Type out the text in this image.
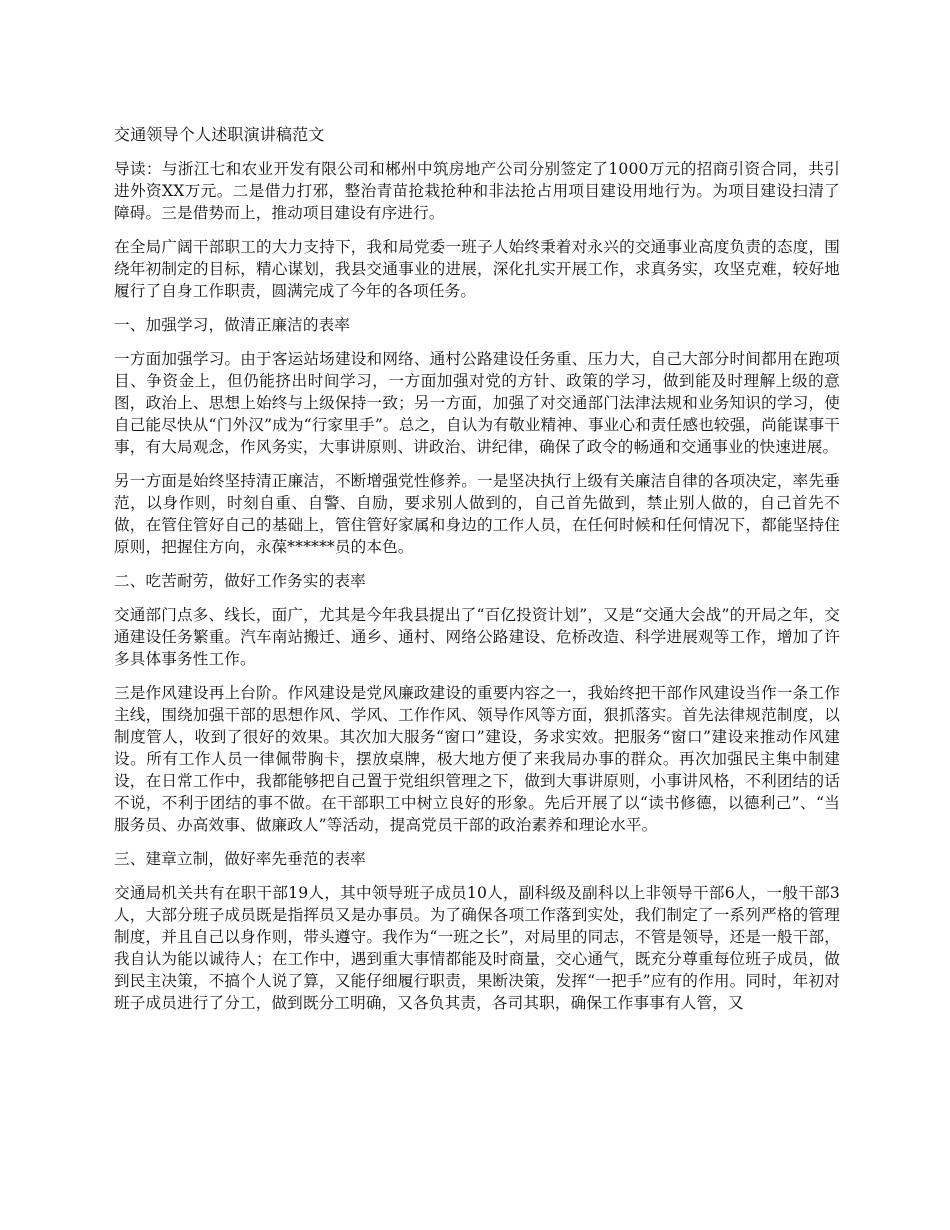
交通领导个人述职演讲稿范文
导读：与浙江七和农业开发有限公司和郴州中筑房地产公司分别签定了1000万元的招商引资合同，共引进外资XX万元。二是借力打邪，整治青苗抢栽抢种和非法抢占用项目建设用地行为。为项目建设扫清了障碍。三是借势而上，推动项目建设有序进行。
在全局广阔干部职工的大力支持下，我和局党委一班子人始终秉着对永兴的交通事业高度负责的态度，围绕年初制定的目标，精心谋划，我县交通事业的进展，深化扎实开展工作，求真务实，攻坚克难，较好地履行了自身工作职责，圆满完成了今年的各项任务。
一、加强学习，做清正廉洁的表率
一方面加强学习。由于客运站场建设和网络、通村公路建设任务重、压力大，自己大部分时间都用在跑项目、争资金上，但仍能挤出时间学习，一方面加强对党的方针、政策的学习，做到能及时理解上级的意图，政治上、思想上始终与上级保持一致；另一方面，加强了对交通部门法津法规和业务知识的学习，使自己能尽快从“门外汉”成为“行家里手”。总之，自认为有敬业精神、事业心和责任感也较强，尚能谋事干事，有大局观念，作风务实，大事讲原则、讲政治、讲纪律，确保了政令的畅通和交通事业的快速进展。
另一方面是始终坚持清正廉洁，不断增强党性修养。一是坚决执行上级有关廉洁自律的各项决定，率先垂范，以身作则，时刻自重、自警、自励，要求别人做到的，自己首先做到，禁止别人做的，自己首先不做，在管住管好自己的基础上，管住管好家属和身边的工作人员，在任何时候和任何情况下，都能坚持住原则，把握住方向，永葆******员的本色。
二、吃苦耐劳，做好工作务实的表率
交通部门点多、线长，面广，尤其是今年我县提出了“百亿投资计划”，又是“交通大会战”的开局之年，交通建设任务繁重。汽车南站搬迁、通乡、通村、网络公路建设、危桥改造、科学进展观等工作，增加了许多具体事务性工作。
三是作风建设再上台阶。作风建设是党风廉政建设的重要内容之一，我始终把干部作风建设当作一条工作主线，围绕加强干部的思想作风、学风、工作作风、领导作风等方面，狠抓落实。首先法律规范制度，以制度管人，收到了很好的效果。其次加大服务“窗口”建设，务求实效。把服务“窗口”建设来推动作风建设。所有工作人员一律佩带胸卡，摆放桌牌，极大地方便了来我局办事的群众。再次加强民主集中制建设，在日常工作中，我都能够把自己置于党组织管理之下，做到大事讲原则，小事讲风格，不利团结的话不说，不利于团结的事不做。在干部职工中树立良好的形象。先后开展了以“读书修德，以德利己”、“当服务员、办高效事、做廉政人”等活动，提高党员干部的政治素养和理论水平。
三、建章立制，做好率先垂范的表率
交通局机关共有在职干部19人，其中领导班子成员10人，副科级及副科以上非领导干部6人，一般干部3人，大部分班子成员既是指挥员又是办事员。为了确保各项工作落到实处，我们制定了一系列严格的管理制度，并且自己以身作则，带头遵守。我作为“一班之长”，对局里的同志，不管是领导，还是一般干部，我自认为能以诚待人；在工作中，遇到重大事情都能及时商量，交心通气，既充分尊重每位班子成员，做到民主决策，不搞个人说了算，又能仔细履行职责，果断决策，发挥“一把手”应有的作用。同时，年初对班子成员进行了分工，做到既分工明确，又各负其责，各司其职，确保工作事事有人管，又
